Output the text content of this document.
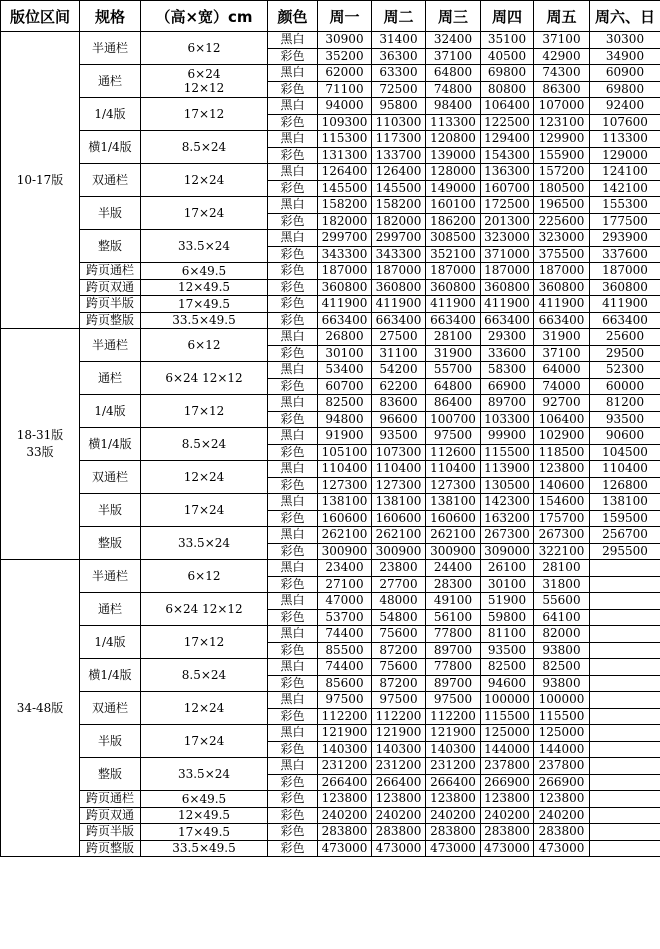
版位区间	规格	（高×宽）cm	颜色	周一	周二	周三	周四	周五	周六、日
10-17版	半通栏	6×12	黑白	30900	31400	32400	35100	37100	30300
			彩色	35200	36300	37100	40500	42900	34900
	通栏	6×24
12×12	黑白	62000	63300	64800	69800	74300	60900
			彩色	71100	72500	74800	80800	86300	69800
	1/4版	17×12	黑白	94000	95800	98400	106400	107000	92400
			彩色	109300	110300	113300	122500	123100	107600
	横1/4版	8.5×24	黑白	115300	117300	120800	129400	129900	113300
			彩色	131300	133700	139000	154300	155900	129000
	双通栏	12×24	黑白	126400	126400	128000	136300	157200	124100
			彩色	145500	145500	149000	160700	180500	142100
	半版	17×24	黑白	158200	158200	160100	172500	196500	155300
			彩色	182000	182000	186200	201300	225600	177500
	整版	33.5×24	黑白	299700	299700	308500	323000	323000	293900
			彩色	343300	343300	352100	371000	375500	337600
	跨页通栏	6×49.5	彩色	187000	187000	187000	187000	187000	187000
	跨页双通	12×49.5	彩色	360800	360800	360800	360800	360800	360800
	跨页半版	17×49.5	彩色	411900	411900	411900	411900	411900	411900
	跨页整版	33.5×49.5	彩色	663400	663400	663400	663400	663400	663400
18-31版
33版	半通栏	6×12	黑白	26800	27500	28100	29300	31900	25600
			彩色	30100	31100	31900	33600	37100	29500
	通栏	6×24 12×12	黑白	53400	54200	55700	58300	64000	52300
			彩色	60700	62200	64800	66900	74000	60000
	1/4版	17×12	黑白	82500	83600	86400	89700	92700	81200
			彩色	94800	96600	100700	103300	106400	93500
	横1/4版	8.5×24	黑白	91900	93500	97500	99900	102900	90600
			彩色	105100	107300	112600	115500	118500	104500
	双通栏	12×24	黑白	110400	110400	110400	113900	123800	110400
			彩色	127300	127300	127300	130500	140600	126800
	半版	17×24	黑白	138100	138100	138100	142300	154600	138100
			彩色	160600	160600	160600	163200	175700	159500
	整版	33.5×24	黑白	262100	262100	262100	267300	267300	256700
			彩色	300900	300900	300900	309000	322100	295500
34-48版	半通栏	6×12	黑白	23400	23800	24400	26100	28100	
			彩色	27100	27700	28300	30100	31800	
	通栏	6×24 12×12	黑白	47000	48000	49100	51900	55600	
			彩色	53700	54800	56100	59800	64100	
	1/4版	17×12	黑白	74400	75600	77800	81100	82000	
			彩色	85500	87200	89700	93500	93800	
	横1/4版	8.5×24	黑白	74400	75600	77800	82500	82500	
			彩色	85600	87200	89700	94600	93800	
	双通栏	12×24	黑白	97500	97500	97500	100000	100000	
			彩色	112200	112200	112200	115500	115500	
	半版	17×24	黑白	121900	121900	121900	125000	125000	
			彩色	140300	140300	140300	144000	144000	
	整版	33.5×24	黑白	231200	231200	231200	237800	237800	
			彩色	266400	266400	266400	266900	266900	
	跨页通栏	6×49.5	彩色	123800	123800	123800	123800	123800	
	跨页双通	12×49.5	彩色	240200	240200	240200	240200	240200	
	跨页半版	17×49.5	彩色	283800	283800	283800	283800	283800	
	跨页整版	33.5×49.5	彩色	473000	473000	473000	473000	473000	
